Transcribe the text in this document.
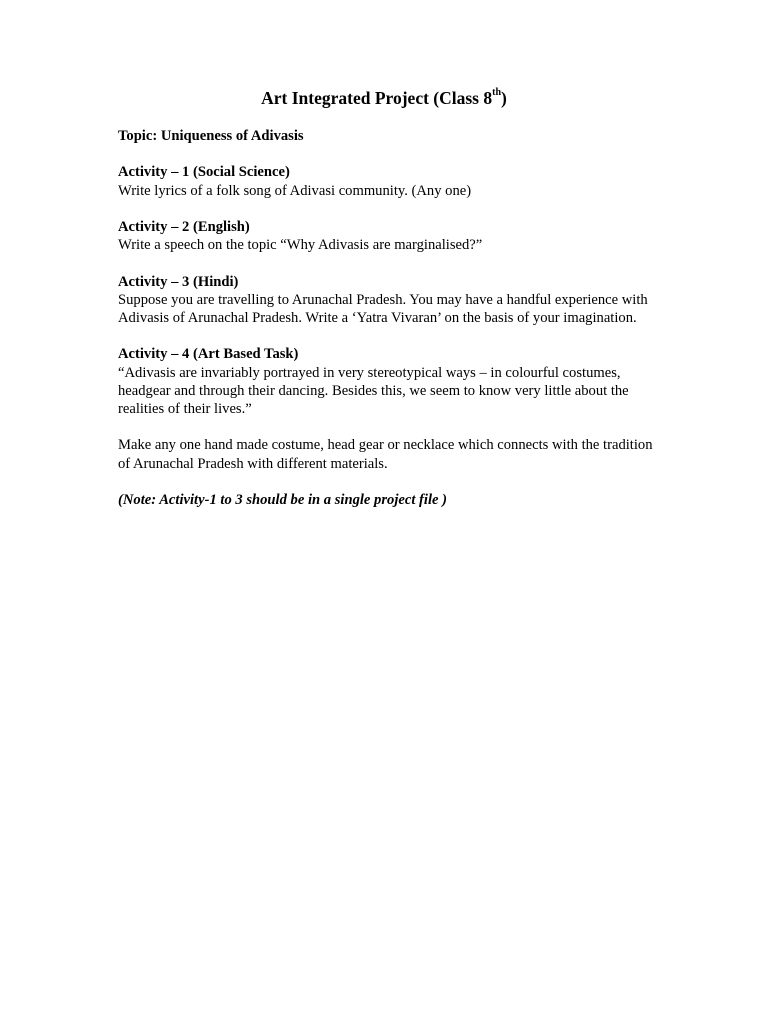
Art Integrated Project (Class 8th)

Topic: Uniqueness of Adivasis

Activity – 1 (Social Science)

Write lyrics of a folk song of Adivasi community. (Any one)

Activity – 2 (English)

Write a speech on the topic “Why Adivasis are marginalised?”

Activity – 3 (Hindi)

Suppose you are travelling to Arunachal Pradesh. You may have a handful experience with Adivasis of Arunachal Pradesh. Write a ‘Yatra Vivaran’ on the basis of your imagination.

Activity – 4 (Art Based Task)

“Adivasis are invariably portrayed in very stereotypical ways – in colourful costumes, headgear and through their dancing. Besides this, we seem to know very little about the realities of their lives.”

Make any one hand made costume, head gear or necklace which connects with the tradition of Arunachal Pradesh with different materials.

(Note: Activity-1 to 3 should be in a single project file )
